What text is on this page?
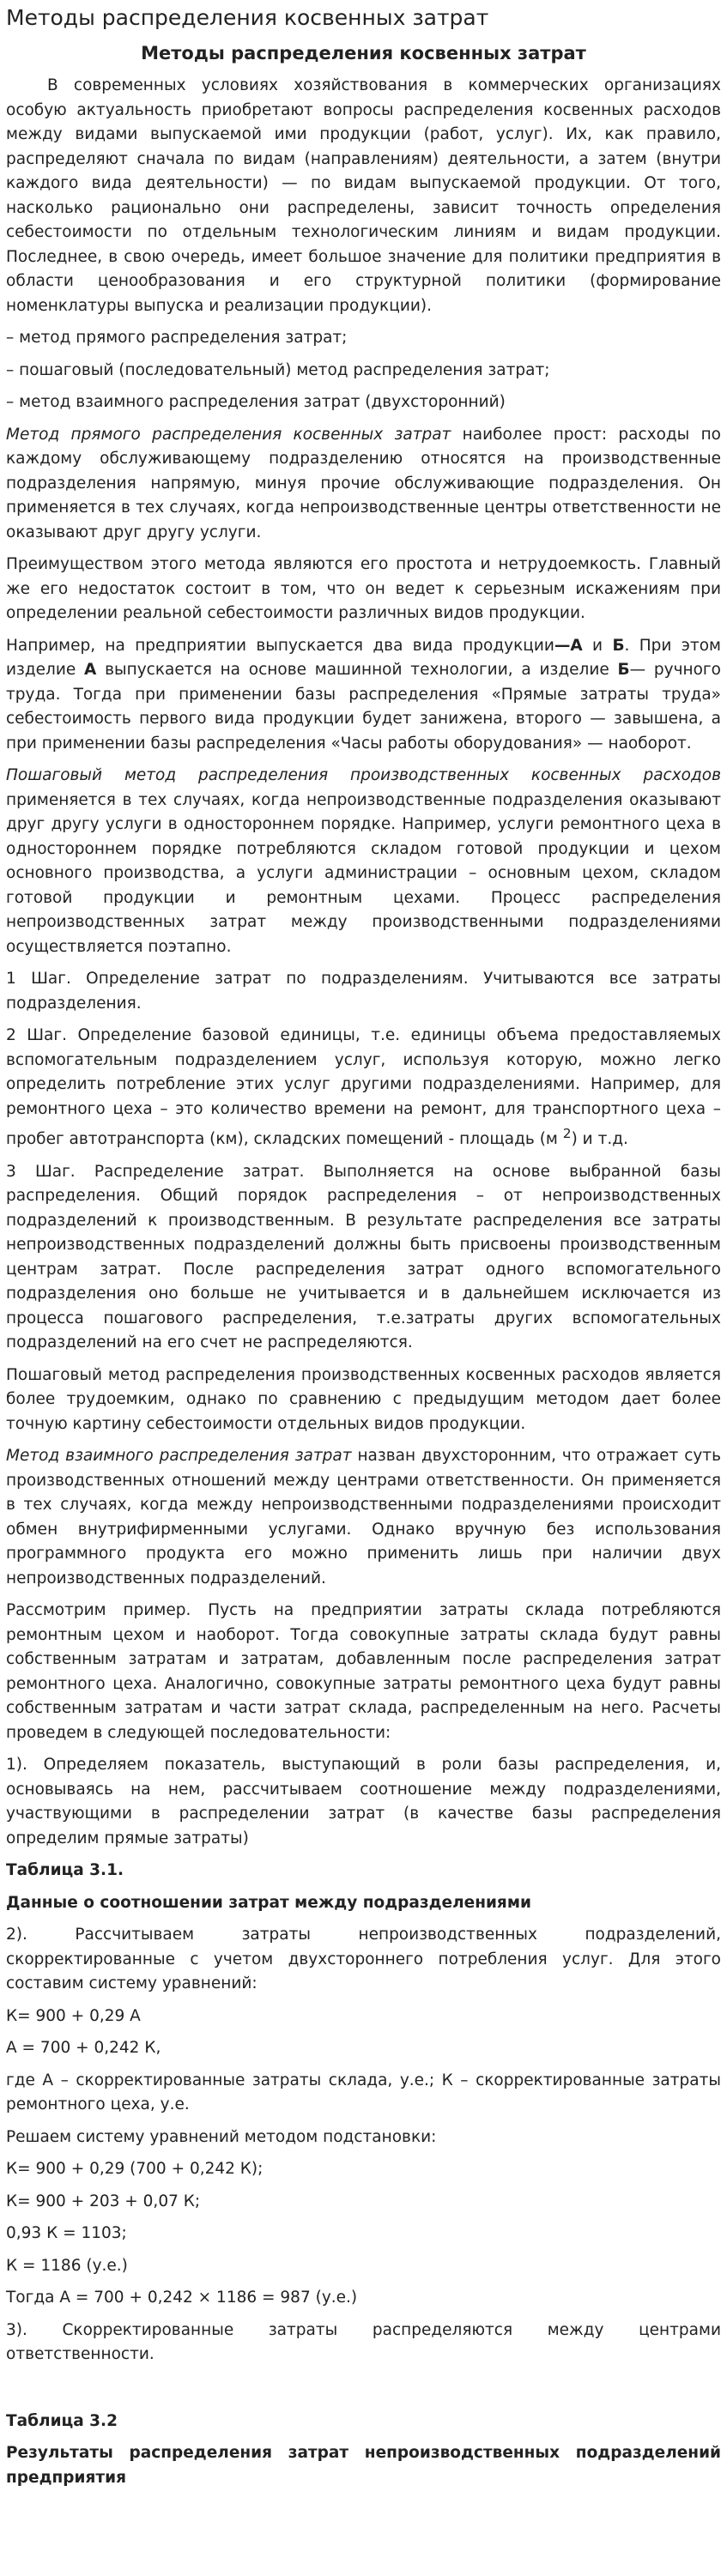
Методы распределения косвенных затрат
Методы распределения косвенных затрат

В современных условиях хозяйствования в коммерческих организациях особую актуальность приобретают вопросы распределения косвенных расходов между видами выпускаемой ими продукции (работ, услуг). Их, как правило, распределяют сначала по видам (направлениям) деятельности, а затем (внутри каждого вида деятельности) — по видам выпускаемой продукции. От того, насколько рационально они распределены, зависит точность определения себестоимости по отдельным технологическим линиям и видам продукции. Последнее, в свою очередь, имеет большое значение для политики предприятия в области ценообразования и его структурной политики (формирование номенклатуры выпуска и реализации продукции).

– метод прямого распределения затрат;

– пошаговый (последовательный) метод распределения затрат;

– метод взаимного распределения затрат (двухсторонний)

Метод прямого распределения косвенных затрат наиболее прост: расходы по каждому обслуживающему подразделению относятся на производственные подразделения напрямую, минуя прочие обслуживающие подразделения. Он применяется в тех случаях, когда непроизводственные центры ответственности не оказывают друг другу услуги.

Преимуществом этого метода являются его простота и нетрудоемкость. Главный же его недостаток состоит в том, что он ведет к серьезным искажениям при определении реальной себестоимости различных видов продукции.

Например, на предприятии выпускается два вида продукции—А и Б. При этом изделие А выпускается на основе машинной технологии, а изделие Б— ручного труда. Тогда при применении базы распределения «Прямые затраты труда» себестоимость первого вида продукции будет занижена, второго — завышена, а при применении базы распределения «Часы работы оборудования» — наоборот.

Пошаговый метод распределения производственных косвенных расходов применяется в тех случаях, когда непроизводственные подразделения оказывают друг другу услуги в одностороннем порядке. Например, услуги ремонтного цеха в одностороннем порядке потребляются складом готовой продукции и цехом основного производства, а услуги администрации – основным цехом, складом готовой продукции и ремонтным цехами. Процесс распределения непроизводственных затрат между производственными подразделениями осуществляется поэтапно.

1 Шаг. Определение затрат по подразделениям. Учитываются все затраты подразделения.

2 Шаг. Определение базовой единицы, т.е. единицы объема предоставляемых вспомогательным подразделением услуг, используя которую, можно легко определить потребление этих услуг другими подразделениями. Например, для ремонтного цеха – это количество времени на ремонт, для транспортного цеха – пробег автотранспорта (км), складских помещений - площадь (м $^2$) и т.д.

3 Шаг. Распределение затрат. Выполняется на основе выбранной базы распределения. Общий порядок распределения – от непроизводственных подразделений к производственным. В результате распределения все затраты непроизводственных подразделений должны быть присвоены производственным центрам затрат. После распределения затрат одного вспомогательного подразделения оно больше не учитывается и в дальнейшем исключается из процесса пошагового распределения, т.е.затраты других вспомогательных подразделений на его счет не распределяются.

Пошаговый метод распределения производственных косвенных расходов является более трудоемким, однако по сравнению с предыдущим методом дает более точную картину себестоимости отдельных видов продукции.

Метод взаимного распределения затрат назван двухсторонним, что отражает суть производственных отношений между центрами ответственности. Он применяется в тех случаях, когда между непроизводственными подразделениями происходит обмен внутрифирменными услугами. Однако вручную без использования программного продукта его можно применить лишь при наличии двух непроизводственных подразделений.

Рассмотрим пример. Пусть на предприятии затраты склада потребляются ремонтным цехом и наоборот. Тогда совокупные затраты склада будут равны собственным затратам и затратам, добавленным после распределения затрат ремонтного цеха. Аналогично, совокупные затраты ремонтного цеха будут равны собственным затратам и части затрат склада, распределенным на него. Расчеты проведем в следующей последовательности:

1). Определяем показатель, выступающий в роли базы распределения, и, основываясь на нем, рассчитываем соотношение между подразделениями, участвующими в распределении затрат (в качестве базы распределения определим прямые затраты)

Таблица 3.1.

Данные о соотношении затрат между подразделениями

2). Рассчитываем затраты непроизводственных подразделений, скорректированные с учетом двухстороннего потребления услуг. Для этого составим систему уравнений:

К= 900 + 0,29 А

А = 700 + 0,242 К,

где А – скорректированные затраты склада, у.е.; К – скорректированные затраты ремонтного цеха, у.е.

Решаем систему уравнений методом подстановки:

К= 900 + 0,29 (700 + 0,242 К);

К= 900 + 203 + 0,07 К;

0,93 К = 1103;

К = 1186 (у.е.)

Тогда А = 700 + 0,242 × 1186 = 987 (у.е.)

3). Скорректированные затраты распределяются между центрами ответственности.

Таблица 3.2

Результаты распределения затрат непроизводственных подразделений предприятия
